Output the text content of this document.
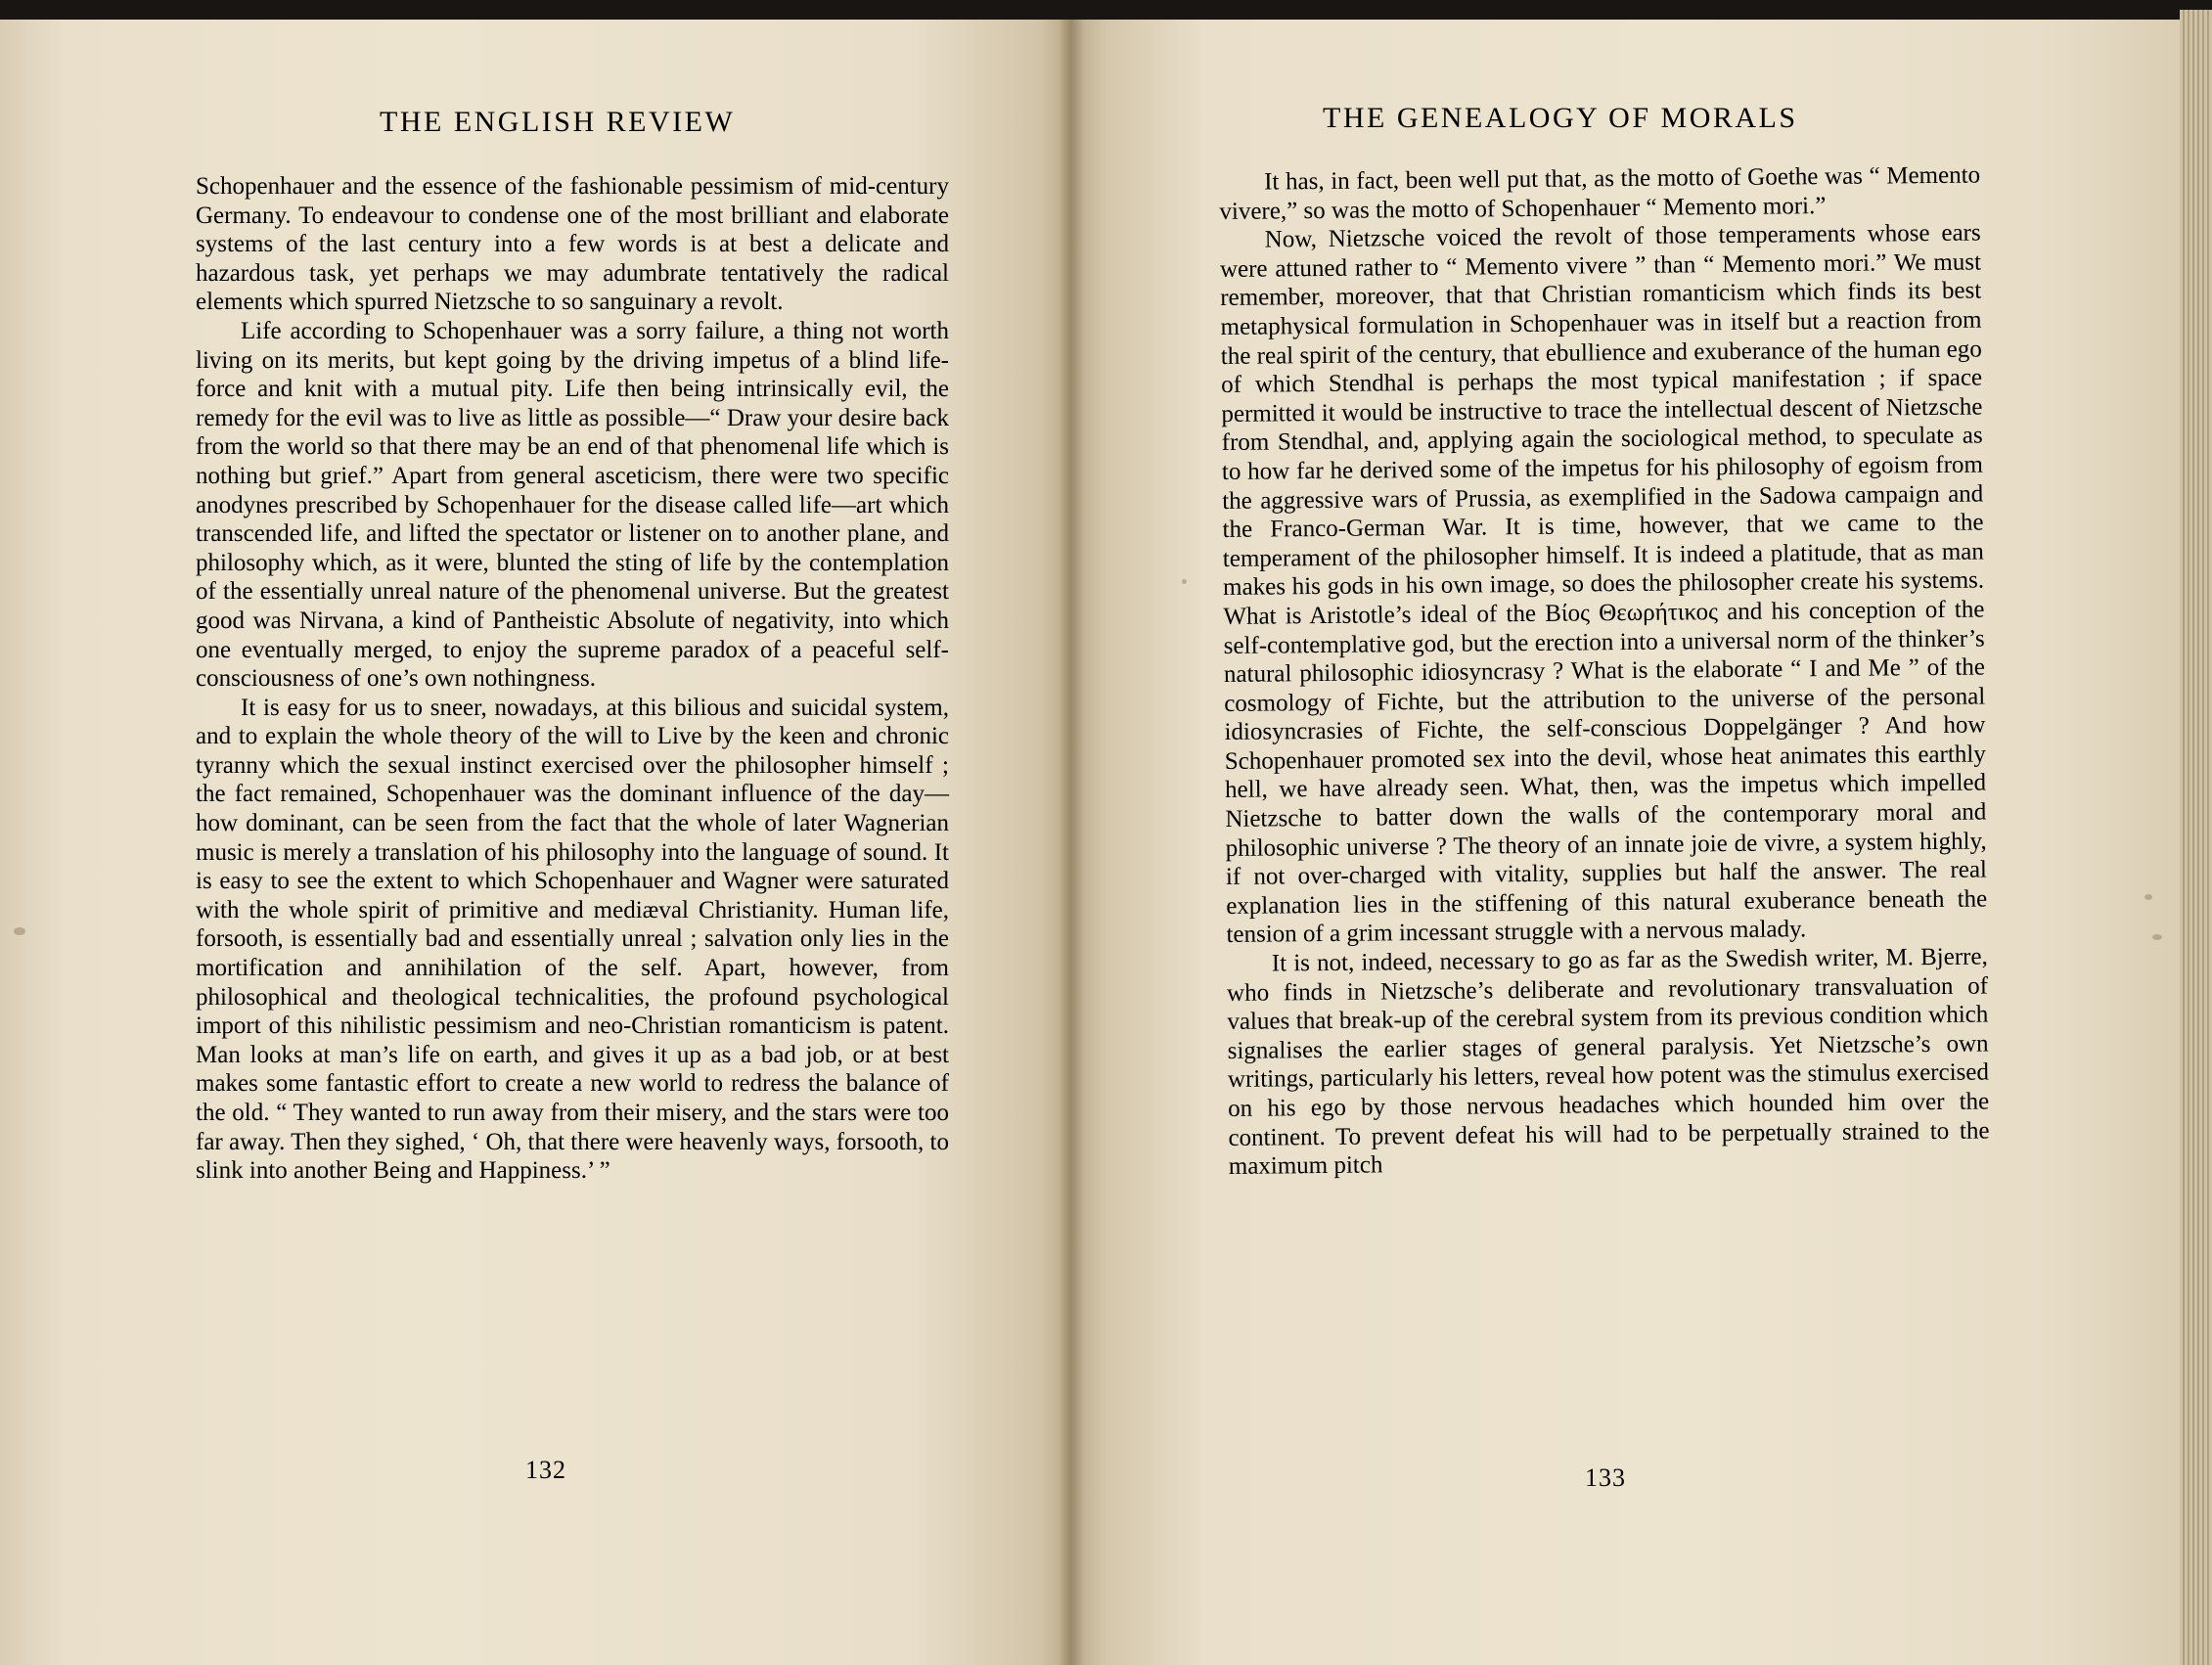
THE ENGLISH REVIEW

Schopenhauer and the essence of the fashionable pessimism of mid-century Germany. To endeavour to condense one of the most brilliant and elaborate systems of the last century into a few words is at best a delicate and hazardous task, yet perhaps we may adumbrate tentatively the radical elements which spurred Nietzsche to so sanguinary a revolt.

Life according to Schopenhauer was a sorry failure, a thing not worth living on its merits, but kept going by the driving impetus of a blind life-force and knit with a mutual pity. Life then being intrinsically evil, the remedy for the evil was to live as little as possible—“ Draw your desire back from the world so that there may be an end of that phenomenal life which is nothing but grief.” Apart from general asceticism, there were two specific anodynes prescribed by Schopenhauer for the disease called life—art which transcended life, and lifted the spectator or listener on to another plane, and philosophy which, as it were, blunted the sting of life by the contemplation of the essentially unreal nature of the phenomenal universe. But the greatest good was Nirvana, a kind of Pantheistic Absolute of negativity, into which one eventually merged, to enjoy the supreme paradox of a peaceful self-consciousness of one’s own nothingness.

It is easy for us to sneer, nowadays, at this bilious and suicidal system, and to explain the whole theory of the will to Live by the keen and chronic tyranny which the sexual instinct exercised over the philosopher himself ; the fact remained, Schopenhauer was the dominant influence of the day—how dominant, can be seen from the fact that the whole of later Wagnerian music is merely a translation of his philosophy into the language of sound. It is easy to see the extent to which Schopenhauer and Wagner were saturated with the whole spirit of primitive and mediæval Christianity. Human life, forsooth, is essentially bad and essentially unreal ; salvation only lies in the mortification and annihilation of the self. Apart, however, from philosophical and theological technicalities, the profound psychological import of this nihilistic pessimism and neo-Christian romanticism is patent. Man looks at man’s life on earth, and gives it up as a bad job, or at best makes some fantastic effort to create a new world to redress the balance of the old. “ They wanted to run away from their misery, and the stars were too far away. Then they sighed, ‘ Oh, that there were heavenly ways, forsooth, to slink into another Being and Happiness.’ ”

132
THE GENEALOGY OF MORALS

It has, in fact, been well put that, as the motto of Goethe was “ Memento vivere,” so was the motto of Schopenhauer “ Memento mori.”

Now, Nietzsche voiced the revolt of those temperaments whose ears were attuned rather to “ Memento vivere ” than “ Memento mori.” We must remember, moreover, that that Christian romanticism which finds its best metaphysical formulation in Schopenhauer was in itself but a reaction from the real spirit of the century, that ebullience and exuberance of the human ego of which Stendhal is perhaps the most typical manifestation ; if space permitted it would be instructive to trace the intellectual descent of Nietzsche from Stendhal, and, applying again the sociological method, to speculate as to how far he derived some of the impetus for his philosophy of egoism from the aggressive wars of Prussia, as exemplified in the Sadowa campaign and the Franco-German War. It is time, however, that we came to the temperament of the philosopher himself. It is indeed a platitude, that as man makes his gods in his own image, so does the philosopher create his systems. What is Aristotle’s ideal of the Βίος Θεωρήτικος and his conception of the self-contemplative god, but the erection into a universal norm of the thinker’s natural philosophic idiosyncrasy ? What is the elaborate “ I and Me ” of the cosmology of Fichte, but the attribution to the universe of the personal idiosyncrasies of Fichte, the self-conscious Doppelgänger ? And how Schopenhauer promoted sex into the devil, whose heat animates this earthly hell, we have already seen. What, then, was the impetus which impelled Nietzsche to batter down the walls of the contemporary moral and philosophic universe ? The theory of an innate joie de vivre, a system highly, if not over-charged with vitality, supplies but half the answer. The real explanation lies in the stiffening of this natural exuberance beneath the tension of a grim incessant struggle with a nervous malady.

It is not, indeed, necessary to go as far as the Swedish writer, M. Bjerre, who finds in Nietzsche’s deliberate and revolutionary transvaluation of values that break-up of the cerebral system from its previous condition which signalises the earlier stages of general paralysis. Yet Nietzsche’s own writings, particularly his letters, reveal how potent was the stimulus exercised on his ego by those nervous headaches which hounded him over the continent. To prevent defeat his will had to be perpetually strained to the maximum pitch

133
